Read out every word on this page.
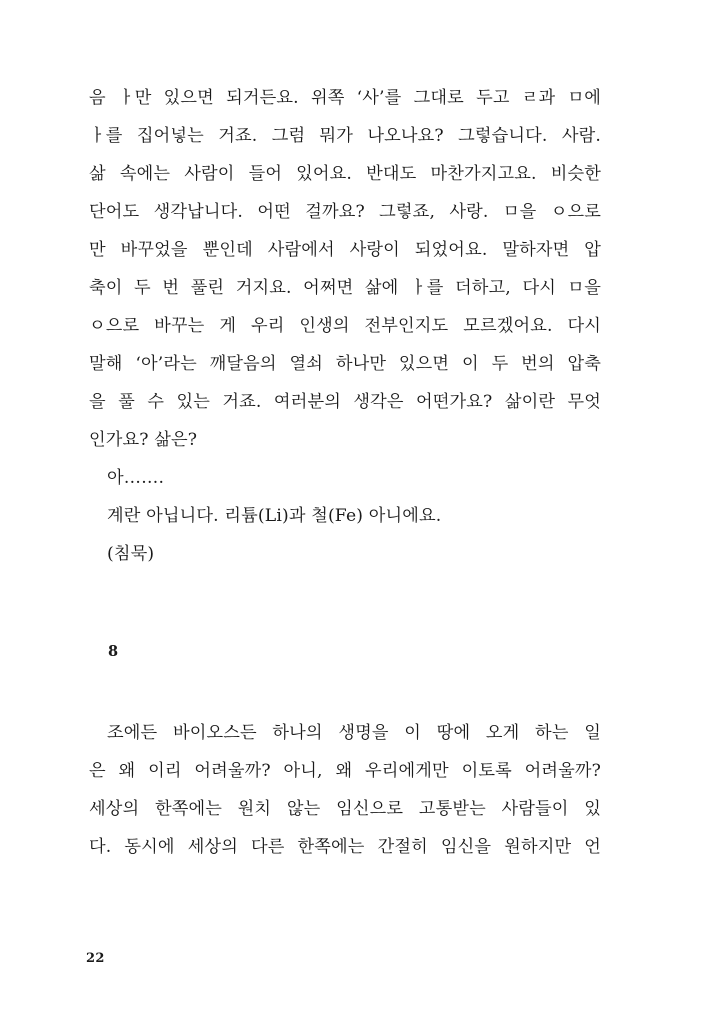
음 ㅏ만 있으면 되거든요. 위쪽 ‘사’를 그대로 두고 ㄹ과 ㅁ에
ㅏ를 집어넣는 거죠. 그럼 뭐가 나오나요? 그렇습니다. 사람.
삶 속에는 사람이 들어 있어요. 반대도 마찬가지고요. 비슷한
단어도 생각납니다. 어떤 걸까요? 그렇죠, 사랑. ㅁ을 ㅇ으로
만 바꾸었을 뿐인데 사람에서 사랑이 되었어요. 말하자면 압
축이 두 번 풀린 거지요. 어쩌면 삶에 ㅏ를 더하고, 다시 ㅁ을
ㅇ으로 바꾸는 게 우리 인생의 전부인지도 모르겠어요. 다시
말해 ‘아’라는 깨달음의 열쇠 하나만 있으면 이 두 번의 압축
을 풀 수 있는 거죠. 여러분의 생각은 어떤가요? 삶이란 무엇
인가요? 삶은?

아…….
계란 아닙니다. 리튬(Li)과 철(Fe) 아니에요.
(침묵)

8

조에든 바이오스든 하나의 생명을 이 땅에 오게 하는 일
은 왜 이리 어려울까? 아니, 왜 우리에게만 이토록 어려울까?
세상의 한쪽에는 원치 않는 임신으로 고통받는 사람들이 있
다. 동시에 세상의 다른 한쪽에는 간절히 임신을 원하지만 언

22
